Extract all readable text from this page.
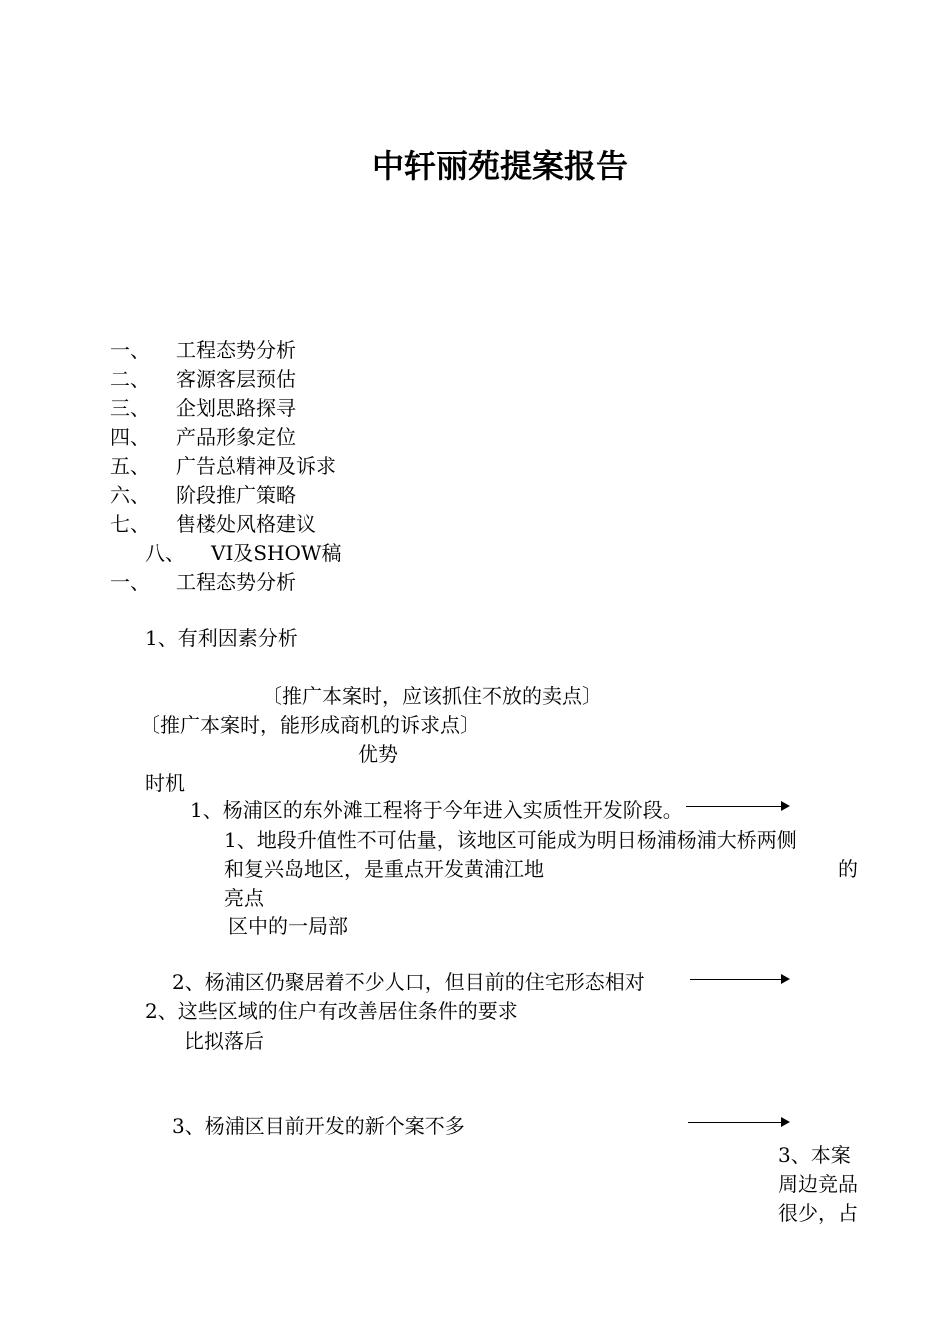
中轩丽苑提案报告
一、 工程态势分析
二、 客源客层预估
三、 企划思路探寻
四、 产品形象定位
五、 广告总精神及诉求
六、 阶段推广策略
七、 售楼处风格建议
八、 VI及SHOW稿
一、 工程态势分析
1、有利因素分析
〔推广本案时，应该抓住不放的卖点〕
〔推广本案时，能形成商机的诉求点〕
优势
时机
1、杨浦区的东外滩工程将于今年进入实质性开发阶段。
1、地段升值性不可估量，该地区可能成为明日杨浦杨浦大桥两侧
和复兴岛地区，是重点开发黄浦江地	的
亮点
区中的一局部
2、杨浦区仍聚居着不少人口，但目前的住宅形态相对
2、这些区域的住户有改善居住条件的要求
比拟落后
3、杨浦区目前开发的新个案不多
3、本案
周边竞品
很少，占
